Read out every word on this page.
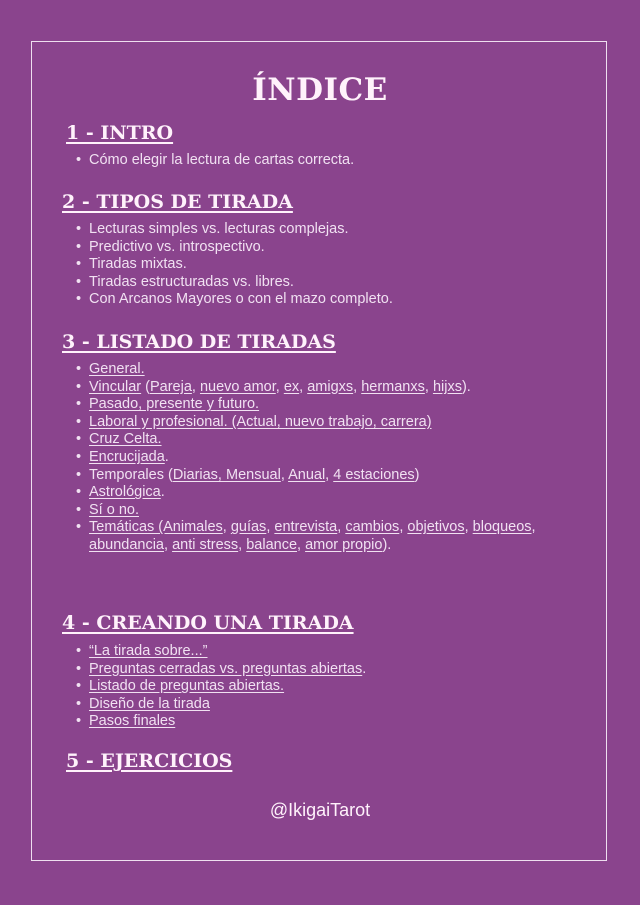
ÍNDICE
1 - INTRO
• Cómo elegir la lectura de cartas correcta.
2 - TIPOS DE TIRADA
• Lecturas simples vs. lecturas complejas.
• Predictivo vs. introspectivo.
• Tiradas mixtas.
• Tiradas estructuradas vs. libres.
• Con Arcanos Mayores o con el mazo completo.
3 - LISTADO DE TIRADAS
• General.
• Vincular (Pareja, nuevo amor, ex, amigxs, hermanxs, hijxs).
• Pasado, presente y futuro.
• Laboral y profesional. (Actual, nuevo trabajo, carrera)
• Cruz Celta.
• Encrucijada.
• Temporales (Diarias, Mensual, Anual, 4 estaciones)
• Astrológica.
• Sí o no.
• Temáticas (Animales, guías, entrevista, cambios, objetivos, bloqueos, abundancia, anti stress, balance, amor propio).
4 - CREANDO UNA TIRADA
• “La tirada sobre...”
• Preguntas cerradas vs. preguntas abiertas.
• Listado de preguntas abiertas.
• Diseño de la tirada
• Pasos finales
5 - EJERCICIOS
@IkigaiTarot
